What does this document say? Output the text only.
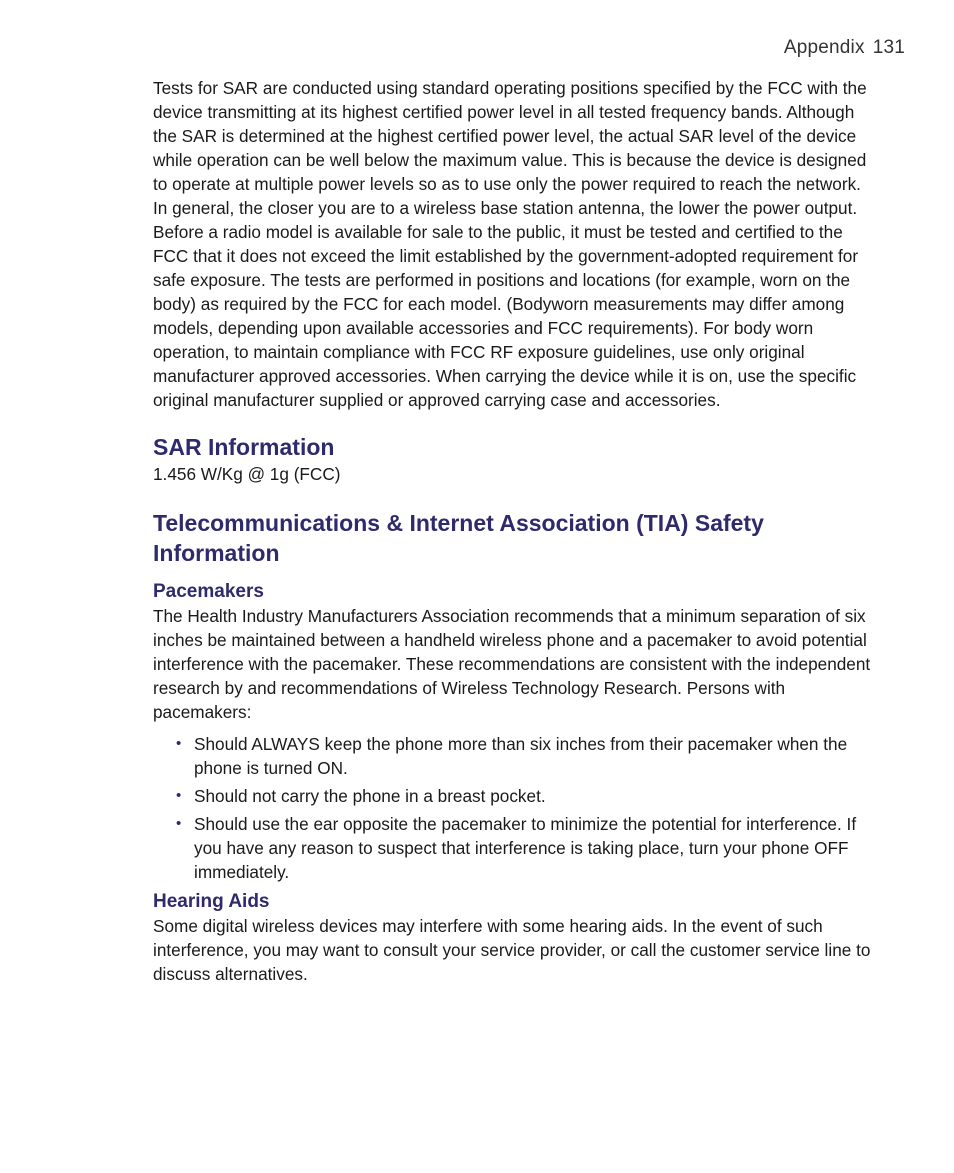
Appendix 131

Tests for SAR are conducted using standard operating positions specified by the FCC with the device transmitting at its highest certified power level in all tested frequency bands. Although the SAR is determined at the highest certified power level, the actual SAR level of the device while operation can be well below the maximum value. This is because the device is designed to operate at multiple power levels so as to use only the power required to reach the network. In general, the closer you are to a wireless base station antenna, the lower the power output. Before a radio model is available for sale to the public, it must be tested and certified to the FCC that it does not exceed the limit established by the government-adopted requirement for safe exposure. The tests are performed in positions and locations (for example, worn on the body) as required by the FCC for each model. (Bodyworn measurements may differ among models, depending upon available accessories and FCC requirements). For body worn operation, to maintain compliance with FCC RF exposure guidelines, use only original manufacturer approved accessories. When carrying the device while it is on, use the specific original manufacturer supplied or approved carrying case and accessories.

SAR Information

1.456 W/Kg @ 1g (FCC)

Telecommunications & Internet Association (TIA) Safety Information
Pacemakers

The Health Industry Manufacturers Association recommends that a minimum separation of six inches be maintained between a handheld wireless phone and a pacemaker to avoid potential interference with the pacemaker. These recommendations are consistent with the independent research by and recommendations of Wireless Technology Research. Persons with pacemakers:

• Should ALWAYS keep the phone more than six inches from their pacemaker when the phone is turned ON.
• Should not carry the phone in a breast pocket.
• Should use the ear opposite the pacemaker to minimize the potential for interference. If you have any reason to suspect that interference is taking place, turn your phone OFF immediately.
Hearing Aids

Some digital wireless devices may interfere with some hearing aids. In the event of such interference, you may want to consult your service provider, or call the customer service line to discuss alternatives.
